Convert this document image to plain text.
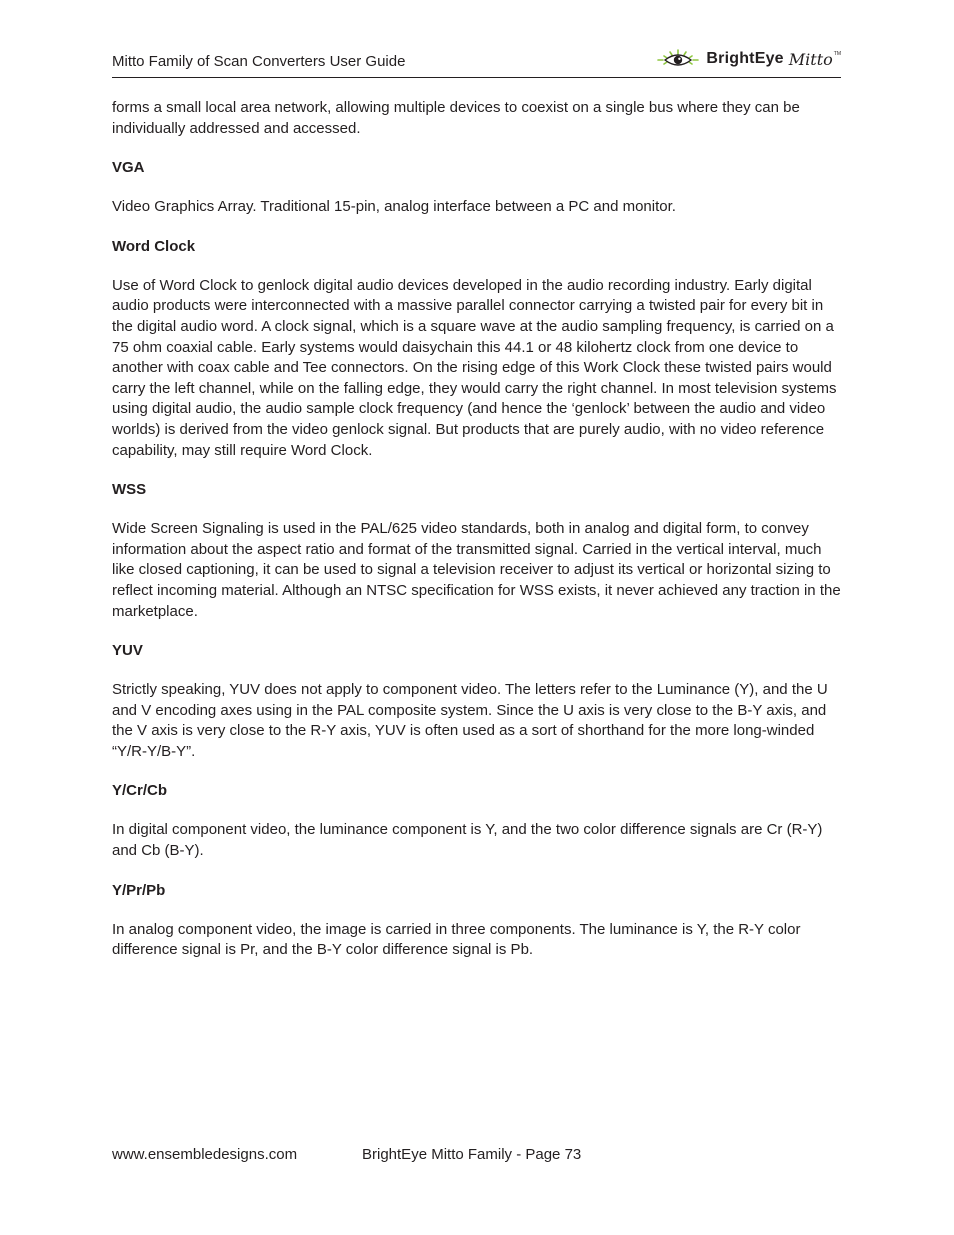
Mitto Family of Scan Converters User Guide	BrightEye Mitto TM

forms a small local area network, allowing multiple devices to coexist on a single bus where they can be individually addressed and accessed.

VGA

Video Graphics Array. Traditional 15-pin, analog interface between a PC and monitor.

Word Clock

Use of Word Clock to genlock digital audio devices developed in the audio recording industry. Early digital audio products were interconnected with a massive parallel connector carrying a twisted pair for every bit in the digital audio word. A clock signal, which is a square wave at the audio sampling frequency, is carried on a 75 ohm coaxial cable. Early systems would daisychain this 44.1 or 48 kilohertz clock from one device to another with coax cable and Tee connectors. On the rising edge of this Work Clock these twisted pairs would carry the left channel, while on the falling edge, they would carry the right channel. In most television systems using digital audio, the audio sample clock frequency (and hence the ‘genlock’ between the audio and video worlds) is derived from the video genlock signal. But products that are purely audio, with no video reference capability, may still require Word Clock.

WSS

Wide Screen Signaling is used in the PAL/625 video standards, both in analog and digital form, to convey information about the aspect ratio and format of the transmitted signal. Carried in the vertical interval, much like closed captioning, it can be used to signal a television receiver to adjust its vertical or horizontal sizing to reflect incoming material. Although an NTSC specification for WSS exists, it never achieved any traction in the marketplace.

YUV

Strictly speaking, YUV does not apply to component video. The letters refer to the Luminance (Y), and the U and V encoding axes using in the PAL composite system. Since the U axis is very close to the B-Y axis, and the V axis is very close to the R-Y axis, YUV is often used as a sort of shorthand for the more long-winded “Y/R-Y/B-Y”.

Y/Cr/Cb

In digital component video, the luminance component is Y, and the two color difference signals are Cr (R-Y) and Cb (B-Y).

Y/Pr/Pb

In analog component video, the image is carried in three components. The luminance is Y, the R-Y color difference signal is Pr, and the B-Y color difference signal is Pb.

www.ensembledesigns.com	BrightEye Mitto Family - Page 73
